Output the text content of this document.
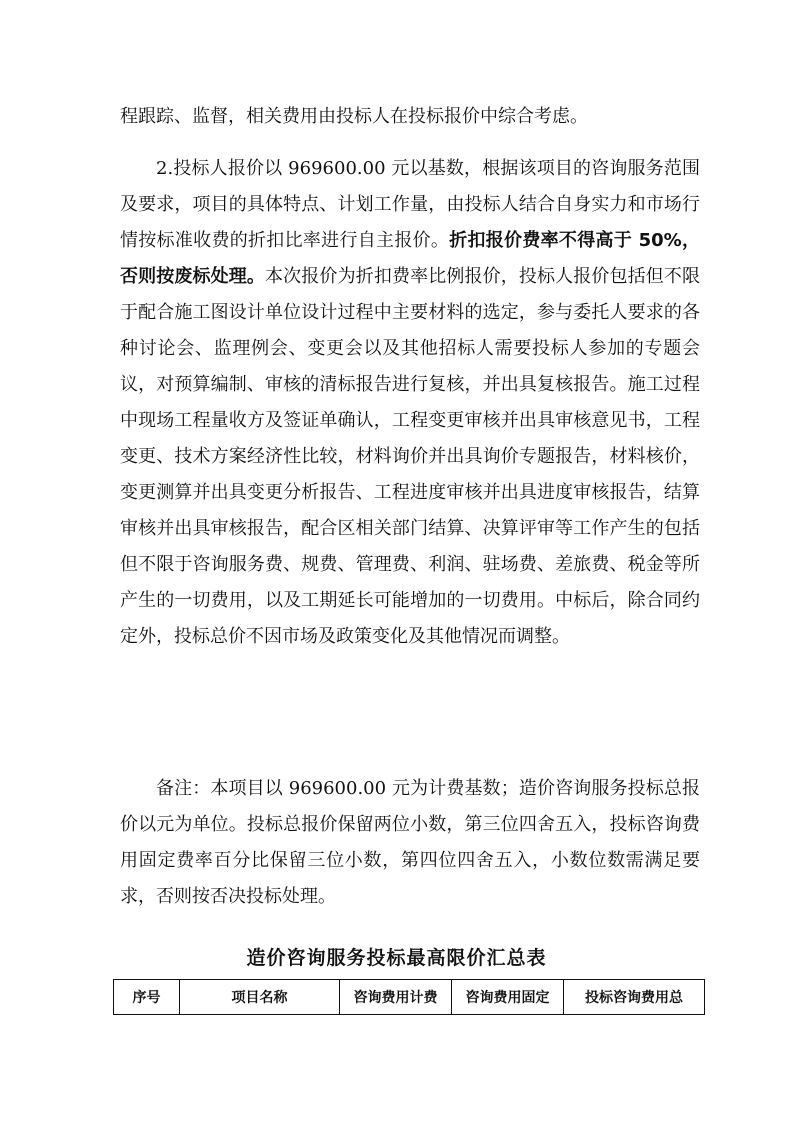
程跟踪、监督，相关费用由投标人在投标报价中综合考虑。

2.投标人报价以 969600.00 元以基数，根据该项目的咨询服务范围及要求，项目的具体特点、计划工作量，由投标人结合自身实力和市场行情按标准收费的折扣比率进行自主报价。折扣报价费率不得高于 50%，否则按废标处理。本次报价为折扣费率比例报价，投标人报价包括但不限于配合施工图设计单位设计过程中主要材料的选定，参与委托人要求的各种讨论会、监理例会、变更会以及其他招标人需要投标人参加的专题会议，对预算编制、审核的清标报告进行复核，并出具复核报告。施工过程中现场工程量收方及签证单确认，工程变更审核并出具审核意见书，工程变更、技术方案经济性比较，材料询价并出具询价专题报告，材料核价，变更测算并出具变更分析报告、工程进度审核并出具进度审核报告，结算审核并出具审核报告，配合区相关部门结算、决算评审等工作产生的包括但不限于咨询服务费、规费、管理费、利润、驻场费、差旅费、税金等所产生的一切费用，以及工期延长可能增加的一切费用。中标后，除合同约定外，投标总价不因市场及政策变化及其他情况而调整。

备注：本项目以 969600.00 元为计费基数；造价咨询服务投标总报价以元为单位。投标总报价保留两位小数，第三位四舍五入，投标咨询费用固定费率百分比保留三位小数，第四位四舍五入，小数位数需满足要求，否则按否决投标处理。

造价咨询服务投标最高限价汇总表
序号	项目名称	咨询费用计费	咨询费用固定	投标咨询费用总
